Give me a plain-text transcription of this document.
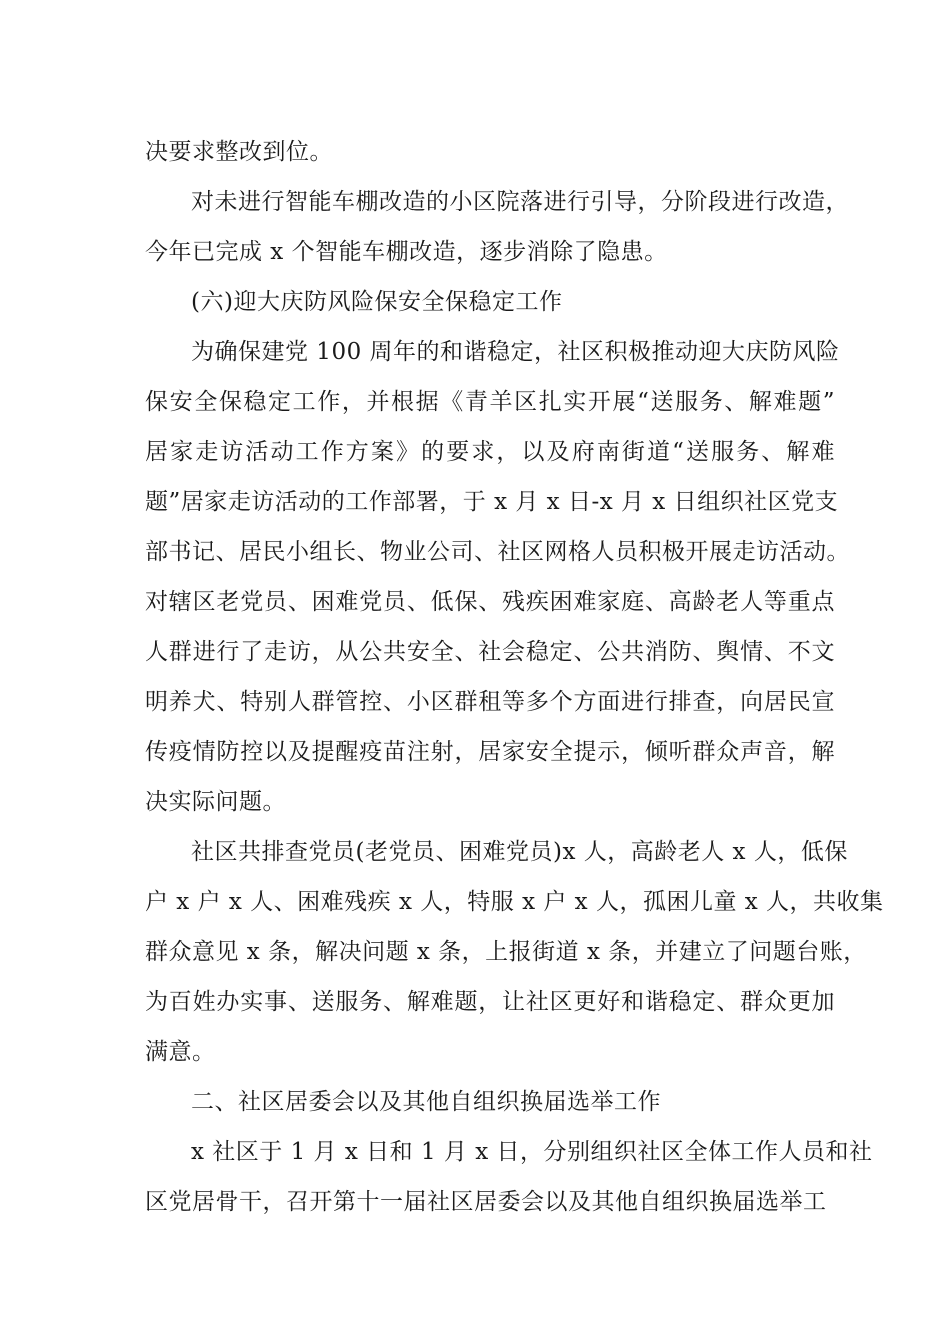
决要求整改到位。
对未进行智能车棚改造的小区院落进行引导，分阶段进行改造，
今年已完成 x 个智能车棚改造，逐步消除了隐患。
(六)迎大庆防风险保安全保稳定工作
为确保建党 100 周年的和谐稳定，社区积极推动迎大庆防风险
保安全保稳定工作，并根据《青羊区扎实开展“送服务、解难题”
居家走访活动工作方案》的要求，以及府南街道“送服务、解难
题”居家走访活动的工作部署，于 x 月 x 日-x 月 x 日组织社区党支
部书记、居民小组长、物业公司、社区网格人员积极开展走访活动。
对辖区老党员、困难党员、低保、残疾困难家庭、高龄老人等重点
人群进行了走访，从公共安全、社会稳定、公共消防、舆情、不文
明养犬、特别人群管控、小区群租等多个方面进行排查，向居民宣
传疫情防控以及提醒疫苗注射，居家安全提示，倾听群众声音，解
决实际问题。
社区共排查党员(老党员、困难党员)x 人，高龄老人 x 人，低保
户 x 户 x 人、困难残疾 x 人，特服 x 户 x 人，孤困儿童 x 人，共收集
群众意见 x 条，解决问题 x 条，上报街道 x 条，并建立了问题台账，
为百姓办实事、送服务、解难题，让社区更好和谐稳定、群众更加
满意。
二、社区居委会以及其他自组织换届选举工作
x 社区于 1 月 x 日和 1 月 x 日，分别组织社区全体工作人员和社
区党居骨干，召开第十一届社区居委会以及其他自组织换届选举工
